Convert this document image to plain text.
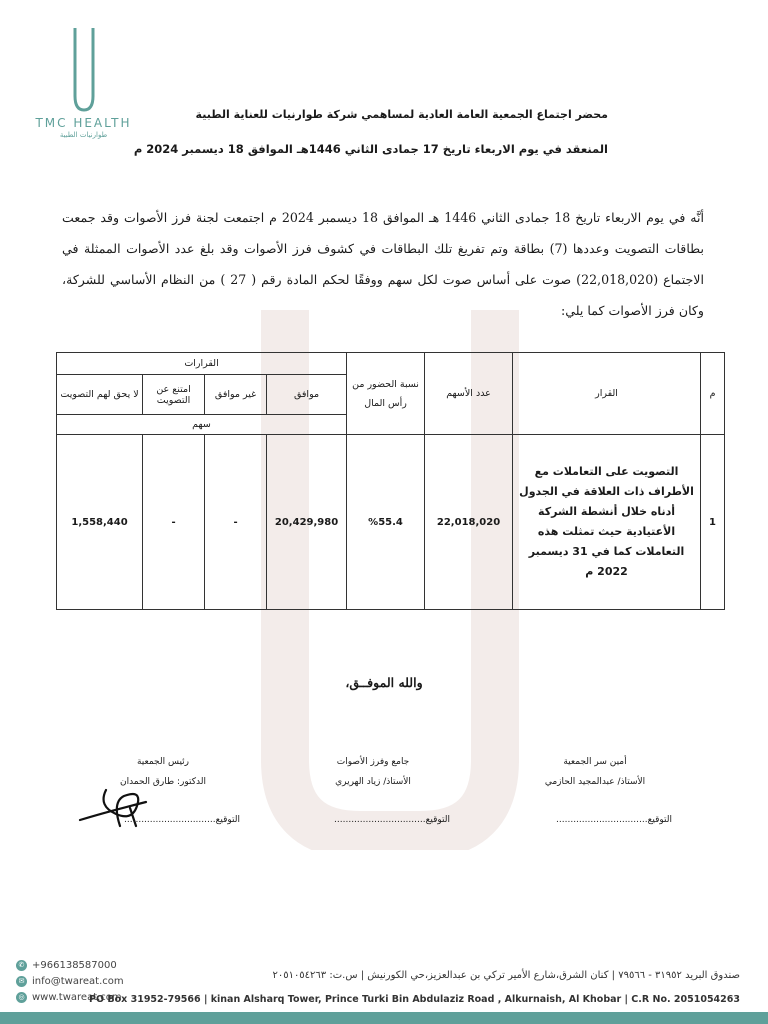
TMC HEALTH
طوارنيات الطبية
محضر اجتماع الجمعية العامة العادية لمساهمي شركة طوارنيات للعناية الطبية
المنعقد في يوم الاربعاء تاريخ 17 جمادى الثاني 1446هـ الموافق 18 ديسمبر 2024 م
أنَّه في يوم الاربعاء تاريخ 18 جمادى الثاني 1446 هـ الموافق 18 ديسمبر 2024 م اجتمعت لجنة فرز الأصوات وقد جمعت بطاقات التصويت وعددها (7) بطاقة وتم تفريغ تلك البطاقات في كشوف فرز الأصوات وقد بلغ عدد الأصوات الممثلة في الاجتماع (22,018,020) صوت على أساس صوت لكل سهم ووفقًا لحكم المادة رقم ( 27 ) من النظام الأساسي للشركة، وكان فرز الأصوات كما يلي:
م	القرار	عدد الأسهم	نسبة الحضور من رأس المال	القرارات			
				موافق	غير موافق	امتنع عن التصويت	لا يحق لهم التصويت
				سهم			
1	التصويت على التعاملات مع الأطراف ذات العلاقة في الجدول أدناه خلال أنشطة الشركة الأعتيادية حيث تمثلت هذه التعاملات كما في 31 ديسمبر 2022 م	22,018,020	%55.4	20,429,980	-	-	1,558,440
والله الموفــق،
أمين سر الجمعية
الأستاذ/ عبدالمجيد الحازمي
التوقيع................................
جامع وفرز الأصوات
الأستاذ/ زياد الهريري
التوقيع................................
رئيس الجمعية
الدكتور: طارق الحمدان
التوقيع................................
✆ +966138587000
✉ info@twareat.com
◎ www.twareat.com
صندوق البريد ٣١٩٥٢ - ٧٩٥٦٦ | كنان الشرق،شارع الأمير تركي بن عبدالعزيز،حي الكورنيش | س.ت: ٢٠٥١٠٥٤٢٦٣
PO Box 31952-79566 | kinan Alsharq Tower, Prince Turki Bin Abdulaziz Road , Alkurnaish, Al Khobar | C.R No. 2051054263
